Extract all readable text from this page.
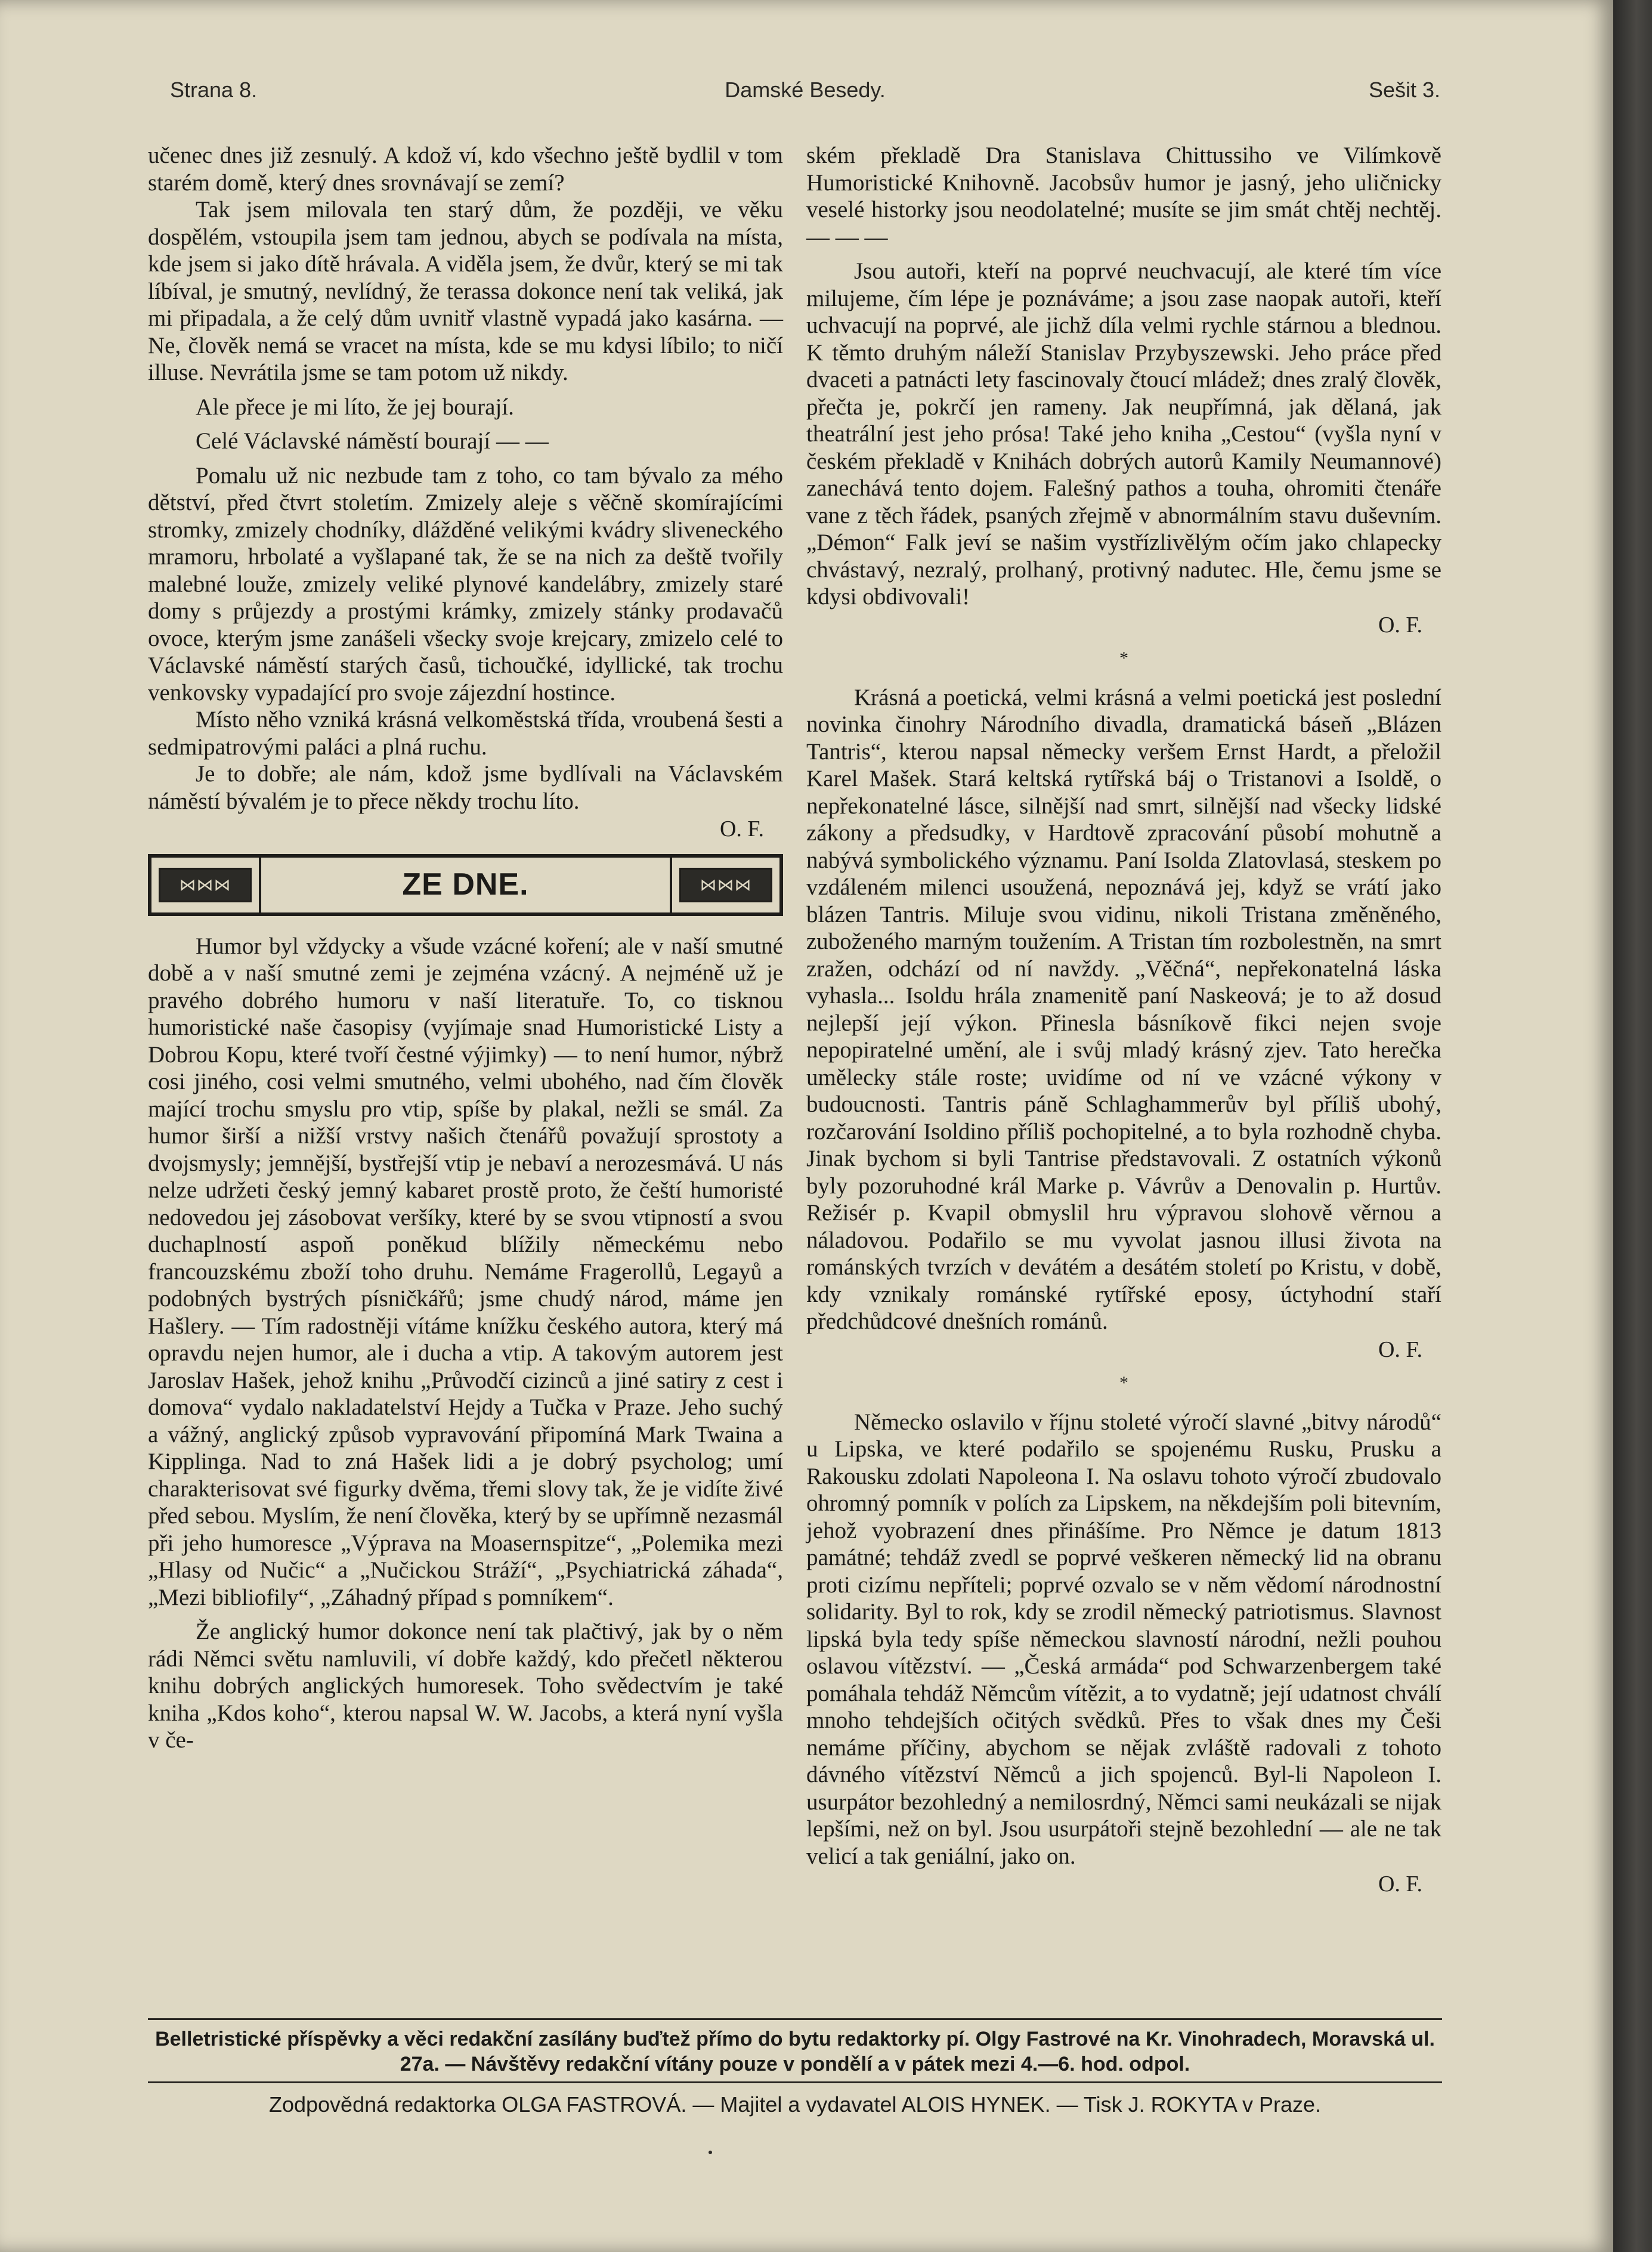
Strana 8.	Damské Besedy.	Sešit 3.

učenec dnes již zesnulý. A kdož ví, kdo všechno ještě bydlil v tom starém domě, který dnes srovnávají se zemí?

Tak jsem milovala ten starý dům, že později, ve věku dospělém, vstoupila jsem tam jednou, abych se podívala na místa, kde jsem si jako dítě hrávala. A viděla jsem, že dvůr, který se mi tak líbíval, je smutný, nevlídný, že terassa dokonce není tak veliká, jak mi připadala, a že celý dům uvnitř vlastně vypadá jako kasárna. — Ne, člověk nemá se vracet na místa, kde se mu kdysi líbilo; to ničí illuse. Nevrátila jsme se tam potom už nikdy.

Ale přece je mi líto, že jej bourají.

Celé Václavské náměstí bourají — —

Pomalu už nic nezbude tam z toho, co tam bývalo za mého dětství, před čtvrt stoletím. Zmizely aleje s věčně skomírajícími stromky, zmizely chodníky, dlážděné velikými kvádry sliveneckého mramoru, hrbolaté a vyšlapané tak, že se na nich za deště tvořily malebné louže, zmizely veliké plynové kandelábry, zmizely staré domy s průjezdy a prostými krámky, zmizely stánky prodavačů ovoce, kterým jsme zanášeli všecky svoje krejcary, zmizelo celé to Václavské náměstí starých časů, tichoučké, idyllické, tak trochu venkovsky vypadající pro svoje zájezdní hostince.

Místo něho vzniká krásná velkoměstská třída, vroubená šesti a sedmipatrovými paláci a plná ruchu.

Je to dobře; ale nám, kdož jsme bydlívali na Václavském náměstí bývalém je to přece někdy trochu líto.

O. F.
⋈⋈⋈	ZE DNE.	⋈⋈⋈

Humor byl vždycky a všude vzácné koření; ale v naší smutné době a v naší smutné zemi je zejména vzácný. A nejméně už je pravého dobrého humoru v naší literatuře. To, co tisknou humoristické naše časopisy (vyjímaje snad Humoristické Listy a Dobrou Kopu, které tvoří čestné výjimky) — to není humor, nýbrž cosi jiného, cosi velmi smutného, velmi ubohého, nad čím člověk mající trochu smyslu pro vtip, spíše by plakal, nežli se smál. Za humor širší a nižší vrstvy našich čtenářů považují sprostoty a dvojsmysly; jemnější, bystřejší vtip je nebaví a nerozesmává. U nás nelze udržeti český jemný kabaret prostě proto, že čeští humoristé nedovedou jej zásobovat veršíky, které by se svou vtipností a svou duchaplností aspoň poněkud blížily německému nebo francouzskému zboží toho druhu. Nemáme Fragerollů, Legayů a podobných bystrých písničkářů; jsme chudý národ, máme jen Hašlery. — Tím radostněji vítáme knížku českého autora, který má opravdu nejen humor, ale i ducha a vtip. A takovým autorem jest Jaroslav Hašek, jehož knihu „Průvodčí cizinců a jiné satiry z cest i domova“ vydalo nakladatelství Hejdy a Tučka v Praze. Jeho suchý a vážný, anglický způsob vypravování připomíná Mark Twaina a Kipplinga. Nad to zná Hašek lidi a je dobrý psycholog; umí charakterisovat své figurky dvěma, třemi slovy tak, že je vidíte živé před sebou. Myslím, že není člověka, který by se upřímně nezasmál při jeho humoresce „Výprava na Moasernspitze“, „Polemika mezi „Hlasy od Nučic“ a „Nučickou Stráží“, „Psychiatrická záhada“, „Mezi bibliofily“, „Záhadný případ s pomníkem“.

Že anglický humor dokonce není tak plačtivý, jak by o něm rádi Němci světu namluvili, ví dobře každý, kdo přečetl některou knihu dobrých anglických humoresek. Toho svědectvím je také kniha „Kdos koho“, kterou napsal W. W. Jacobs, a která nyní vyšla v če-

ském překladě Dra Stanislava Chittussiho ve Vilímkově Humoristické Knihovně. Jacobsův humor je jasný, jeho uličnicky veselé historky jsou neodolatelné; musíte se jim smát chtěj nechtěj. — — —

Jsou autoři, kteří na poprvé neuchvacují, ale které tím více milujeme, čím lépe je poznáváme; a jsou zase naopak autoři, kteří uchvacují na poprvé, ale jichž díla velmi rychle stárnou a blednou. K těmto druhým náleží Stanislav Przybyszewski. Jeho práce před dvaceti a patnácti lety fascinovaly čtoucí mládež; dnes zralý člověk, přečta je, pokrčí jen rameny. Jak neupřímná, jak dělaná, jak theatrální jest jeho prósa! Také jeho kniha „Cestou“ (vyšla nyní v českém překladě v Knihách dobrých autorů Kamily Neumannové) zanechává tento dojem. Falešný pathos a touha, ohromiti čtenáře vane z těch řádek, psaných zřejmě v abnormálním stavu duševním. „Démon“ Falk jeví se našim vystřízlivělým očím jako chlapecky chvástavý, nezralý, prolhaný, protivný nadutec. Hle, čemu jsme se kdysi obdivovali!

O. F.
*

Krásná a poetická, velmi krásná a velmi poetická jest poslední novinka činohry Národního divadla, dramatická báseň „Blázen Tantris“, kterou napsal německy veršem Ernst Hardt, a přeložil Karel Mašek. Stará keltská rytířská báj o Tristanovi a Isoldě, o nepřekonatelné lásce, silnější nad smrt, silnější nad všecky lidské zákony a předsudky, v Hardtově zpracování působí mohutně a nabývá symbolického významu. Paní Isolda Zlatovlasá, steskem po vzdáleném milenci usoužená, nepoznává jej, když se vrátí jako blázen Tantris. Miluje svou vidinu, nikoli Tristana změněného, zuboženého marným toužením. A Tristan tím rozbolestněn, na smrt zražen, odchází od ní navždy. „Věčná“, nepřekonatelná láska vyhasla... Isoldu hrála znamenitě paní Naskeová; je to až dosud nejlepší její výkon. Přinesla básníkově fikci nejen svoje nepopiratelné umění, ale i svůj mladý krásný zjev. Tato herečka umělecky stále roste; uvidíme od ní ve vzácné výkony v budoucnosti. Tantris páně Schlaghammerův byl příliš ubohý, rozčarování Isoldino příliš pochopitelné, a to byla rozhodně chyba. Jinak bychom si byli Tantrise představovali. Z ostatních výkonů byly pozoruhodné král Marke p. Vávrův a Denovalin p. Hurtův. Režisér p. Kvapil obmyslil hru výpravou slohově věrnou a náladovou. Podařilo se mu vyvolat jasnou illusi života na románských tvrzích v devátém a desátém století po Kristu, v době, kdy vznikaly románské rytířské eposy, úctyhodní staří předchůdcové dnešních románů.

O. F.
*

Německo oslavilo v říjnu stoleté výročí slavné „bitvy národů“ u Lipska, ve které podařilo se spojenému Rusku, Prusku a Rakousku zdolati Napoleona I. Na oslavu tohoto výročí zbudovalo ohromný pomník v polích za Lipskem, na někdejším poli bitevním, jehož vyobrazení dnes přinášíme. Pro Němce je datum 1813 památné; tehdáž zvedl se poprvé veškeren německý lid na obranu proti cizímu nepříteli; poprvé ozvalo se v něm vědomí národnostní solidarity. Byl to rok, kdy se zrodil německý patriotismus. Slavnost lipská byla tedy spíše německou slavností národní, nežli pouhou oslavou vítězství. — „Česká armáda“ pod Schwarzenbergem také pomáhala tehdáž Němcům vítězit, a to vydatně; její udatnost chválí mnoho tehdejších očitých svědků. Přes to však dnes my Češi nemáme příčiny, abychom se nějak zvláště radovali z tohoto dávného vítězství Němců a jich spojenců. Byl-li Napoleon I. usurpátor bezohledný a nemilosrdný, Němci sami neukázali se nijak lepšími, než on byl. Jsou usurpátoři stejně bezohlední — ale ne tak velicí a tak geniální, jako on.

O. F.
Belletristické příspěvky a věci redakční zasílány buďtež přímo do bytu redaktorky pí. Olgy Fastrové na Kr. Vinohradech, Moravská ul. 27a. — Návštěvy redakční vítány pouze v pondělí a v pátek mezi 4.—6. hod. odpol.
Zodpovědná redaktorka OLGA FASTROVÁ. — Majitel a vydavatel ALOIS HYNEK. — Tisk J. ROKYTA v Praze.
